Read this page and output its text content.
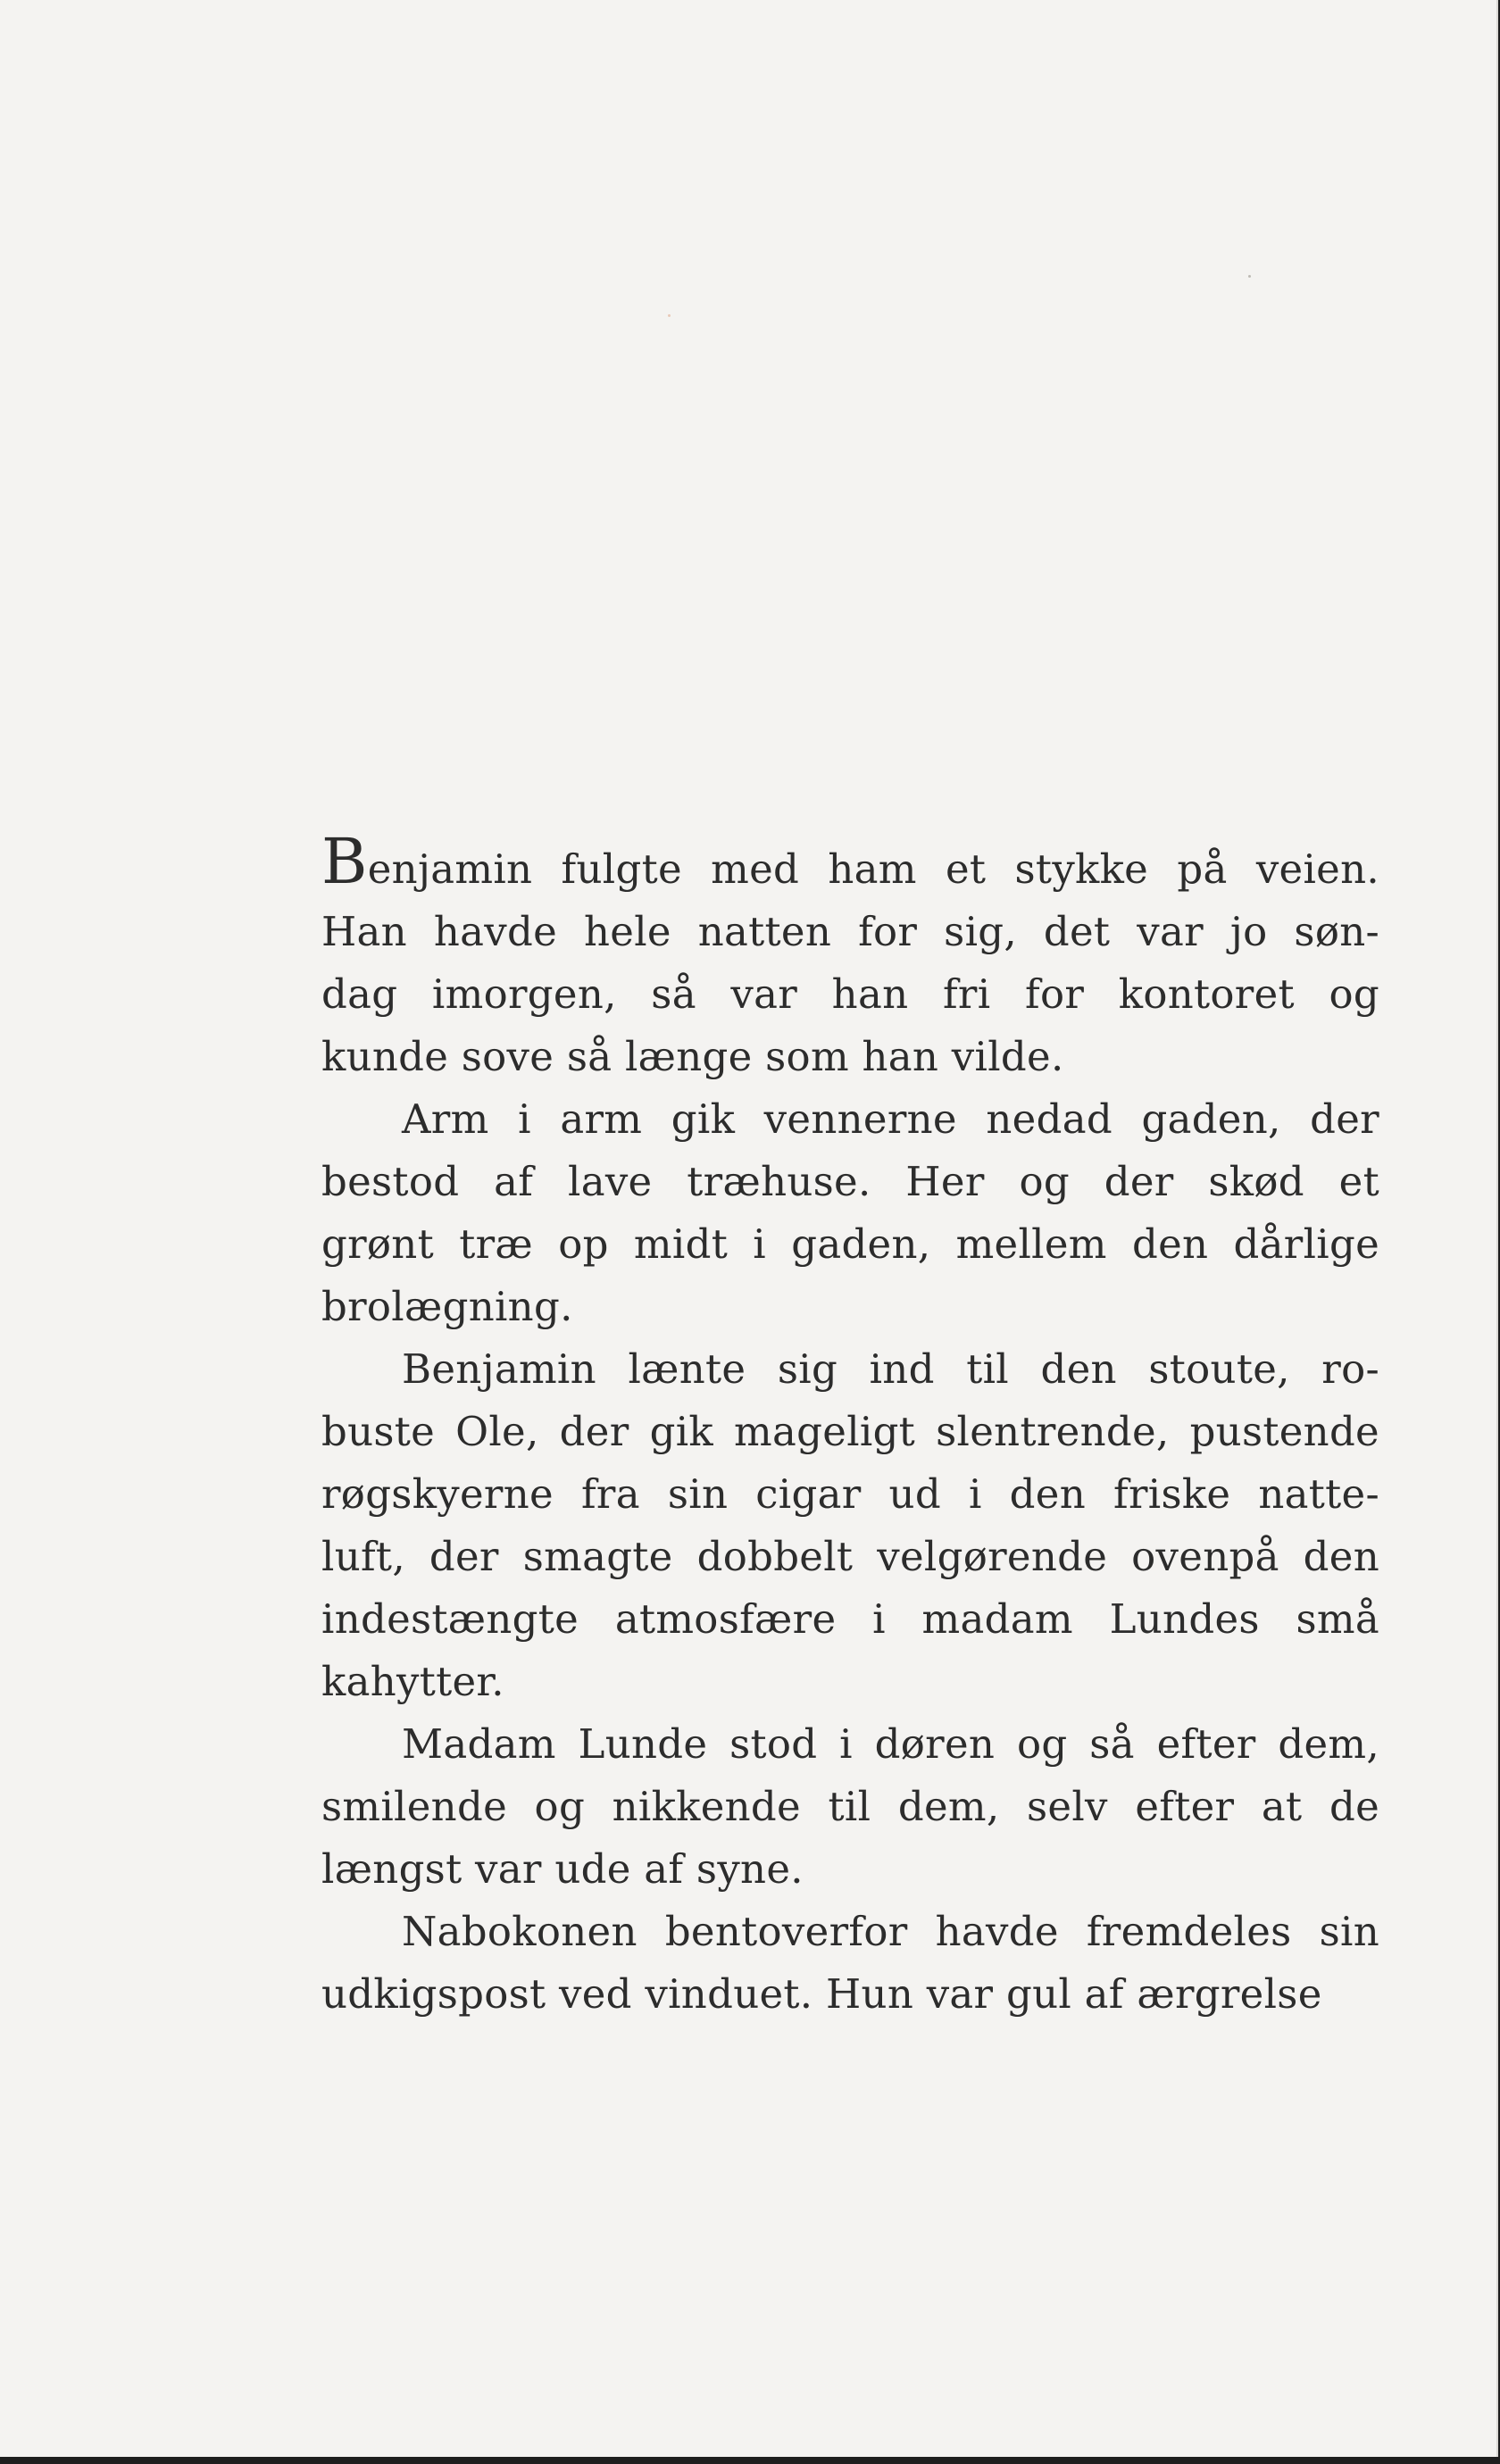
Benjamin fulgte med ham et stykke på veien.
Han havde hele natten for sig, det var jo søn-
dag imorgen, så var han fri for kontoret og
kunde sove så længe som han vilde.
Arm i arm gik vennerne nedad gaden, der
bestod af lave træhuse. Her og der skød et
grønt træ op midt i gaden, mellem den dårlige
brolægning.
Benjamin lænte sig ind til den stoute, ro-
buste Ole, der gik mageligt slentrende, pustende
røgskyerne fra sin cigar ud i den friske natte-
luft, der smagte dobbelt velgørende ovenpå den
indestængte atmosfære i madam Lundes små
kahytter.
Madam Lunde stod i døren og så efter dem,
smilende og nikkende til dem, selv efter at de
længst var ude af syne.
Nabokonen bentoverfor havde fremdeles sin
udkigspost ved vinduet. Hun var gul af ærgrelse
